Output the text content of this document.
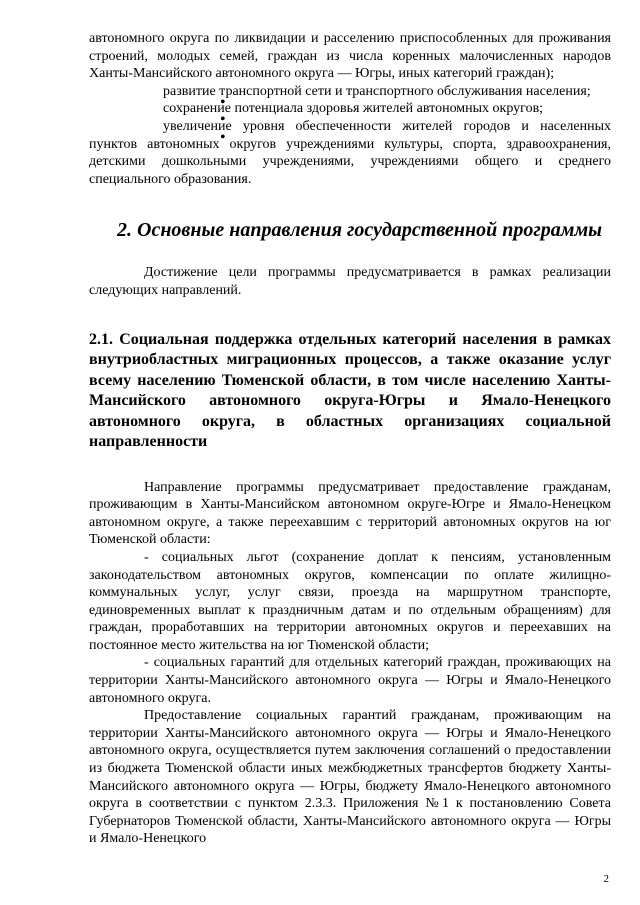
автономного округа по ликвидации и расселению приспособленных для проживания строений, молодых семей, граждан из числа коренных малочисленных народов Ханты-Мансийского автономного округа — Югры, иных категорий граждан);

развитие транспортной сети и транспортного обслуживания населения;

сохранение потенциала здоровья жителей автономных округов;

увеличение уровня обеспеченности жителей городов и населенных пунктов автономных округов учреждениями культуры, спорта, здравоохранения, детскими дошкольными учреждениями, учреждениями общего и среднего специального образования.

2. Основные направления государственной программы

Достижение цели программы предусматривается в рамках реализации следующих направлений.

2.1. Социальная поддержка отдельных категорий населения в рамках внутриобластных миграционных процессов, а также оказание услуг всему населению Тюменской области, в том числе населению Ханты-Мансийского автономного округа-Югры и Ямало-Ненецкого автономного округа, в областных организациях социальной направленности

Направление программы предусматривает предоставление гражданам, проживающим в Ханты-Мансийском автономном округе-Югре и Ямало-Ненецком автономном округе, а также переехавшим с территорий автономных округов на юг Тюменской области:

- социальных льгот (сохранение доплат к пенсиям, установленным законодательством автономных округов, компенсации по оплате жилищно-коммунальных услуг, услуг связи, проезда на маршрутном транспорте, единовременных выплат к праздничным датам и по отдельным обращениям) для граждан, проработавших на территории автономных округов и переехавших на постоянное место жительства на юг Тюменской области;

- социальных гарантий для отдельных категорий граждан, проживающих на территории Ханты-Мансийского автономного округа — Югры и Ямало-Ненецкого автономного округа.

Предоставление социальных гарантий гражданам, проживающим на территории Ханты-Мансийского автономного округа — Югры и Ямало-Ненецкого автономного округа, осуществляется путем заключения соглашений о предоставлении из бюджета Тюменской области иных межбюджетных трансфертов бюджету Ханты-Мансийского автономного округа — Югры, бюджету Ямало-Ненецкого автономного округа в соответствии с пунктом 2.3.3. Приложения №1 к постановлению Совета Губернаторов Тюменской области, Ханты-Мансийского автономного округа — Югры и Ямало-Ненецкого

2
